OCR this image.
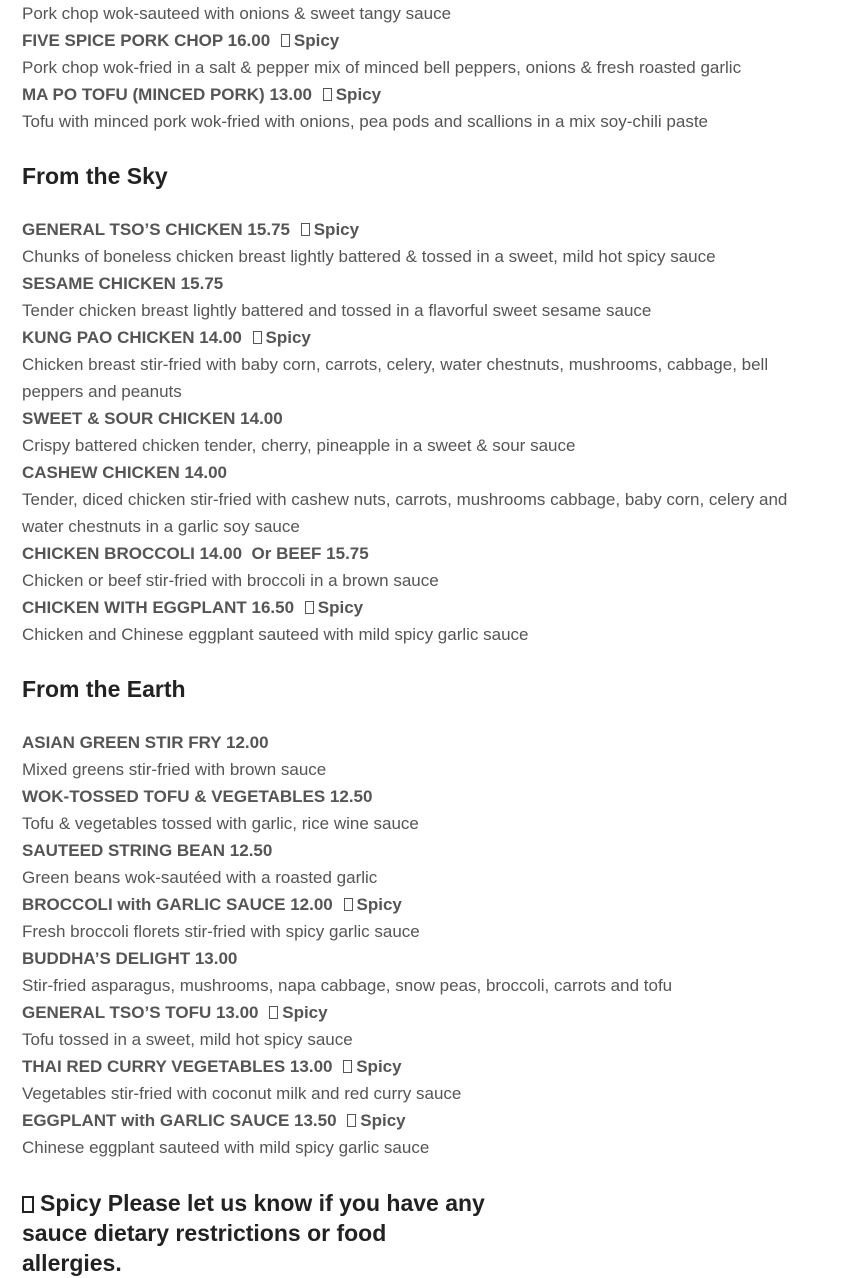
Pork chop wok-sauteed with onions & sweet tangy sauce
FIVE SPICE PORK CHOP 16.00 Spicy
Pork chop wok-fried in a salt & pepper mix of minced bell peppers, onions & fresh roasted garlic
MA PO TOFU (MINCED PORK) 13.00 Spicy
Tofu with minced pork wok-fried with onions, pea pods and scallions in a mix soy-chili paste
From the Sky
GENERAL TSO’S CHICKEN 15.75 Spicy
Chunks of boneless chicken breast lightly battered & tossed in a sweet, mild hot spicy sauce
SESAME CHICKEN 15.75
Tender chicken breast lightly battered and tossed in a flavorful sweet sesame sauce
KUNG PAO CHICKEN 14.00 Spicy
Chicken breast stir-fried with baby corn, carrots, celery, water chestnuts, mushrooms, cabbage, bell peppers and peanuts
SWEET & SOUR CHICKEN 14.00
Crispy battered chicken tender, cherry, pineapple in a sweet & sour sauce
CASHEW CHICKEN 14.00
Tender, diced chicken stir-fried with cashew nuts, carrots, mushrooms cabbage, baby corn, celery and water chestnuts in a garlic soy sauce
CHICKEN BROCCOLI 14.00  Or BEEF 15.75
Chicken or beef stir-fried with broccoli in a brown sauce
CHICKEN WITH EGGPLANT 16.50 Spicy
Chicken and Chinese eggplant sauteed with mild spicy garlic sauce
From the Earth
ASIAN GREEN STIR FRY 12.00
Mixed greens stir-fried with brown sauce
WOK-TOSSED TOFU & VEGETABLES 12.50
Tofu & vegetables tossed with garlic, rice wine sauce
SAUTEED STRING BEAN 12.50
Green beans wok-sautéed with a roasted garlic
BROCCOLI with GARLIC SAUCE 12.00 Spicy
Fresh broccoli florets stir-fried with spicy garlic sauce
BUDDHA’S DELIGHT 13.00
Stir-fried asparagus, mushrooms, napa cabbage, snow peas, broccoli, carrots and tofu
GENERAL TSO’S TOFU 13.00 Spicy
Tofu tossed in a sweet, mild hot spicy sauce
THAI RED CURRY VEGETABLES 13.00 Spicy
Vegetables stir-fried with coconut milk and red curry sauce
EGGPLANT with GARLIC SAUCE 13.50 Spicy
Chinese eggplant sauteed with mild spicy garlic sauce
Spicy Please let us know if you have any
sauce dietary restrictions or food allergies.
